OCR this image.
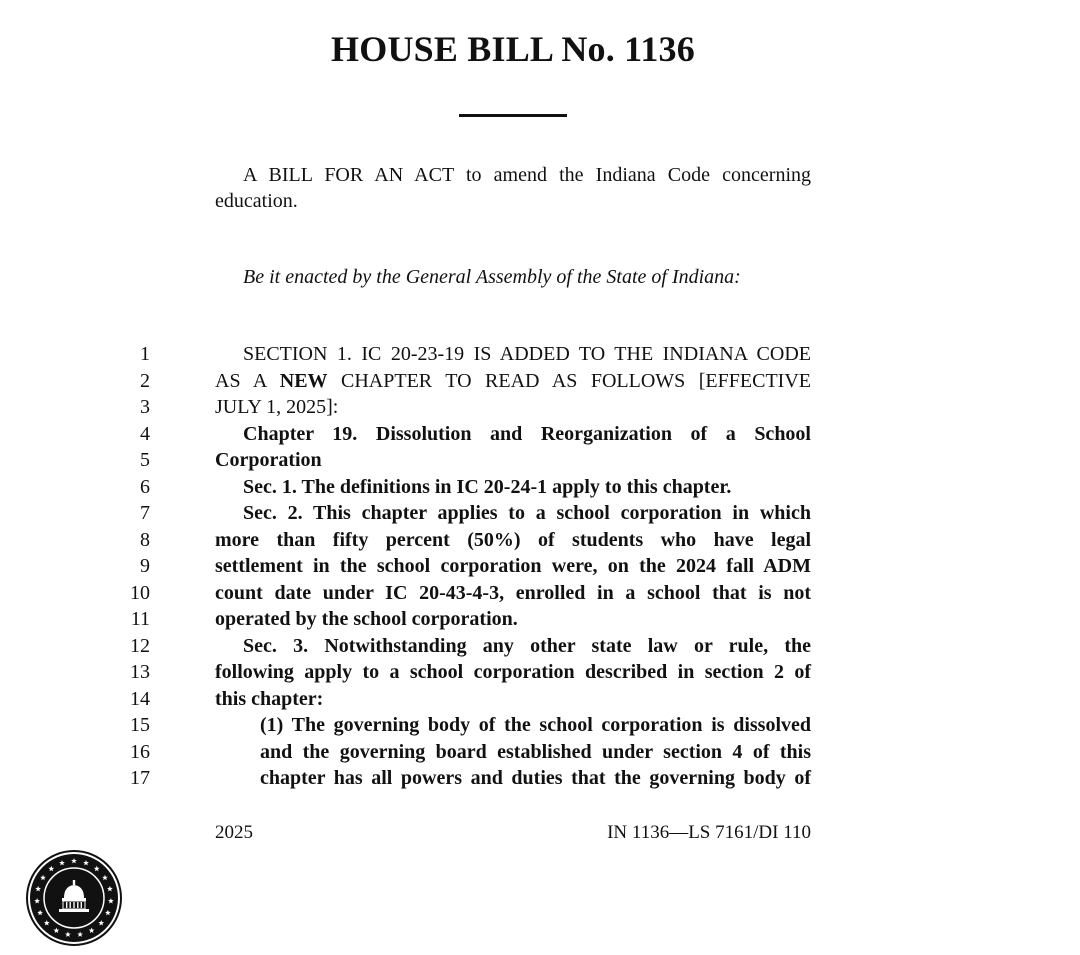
HOUSE BILL No. 1136

A BILL FOR AN ACT to amend the Indiana Code concerning education.

Be it enacted by the General Assembly of the State of Indiana:

1	SECTION 1. IC 20-23-19 IS ADDED TO THE INDIANA CODE
2	AS A NEW CHAPTER TO READ AS FOLLOWS [EFFECTIVE
3	JULY 1, 2025]:
4	Chapter 19. Dissolution and Reorganization of a School
5	Corporation
6	Sec. 1. The definitions in IC 20-24-1 apply to this chapter.
7	Sec. 2. This chapter applies to a school corporation in which
8	more than fifty percent (50%) of students who have legal
9	settlement in the school corporation were, on the 2024 fall ADM
10	count date under IC 20-43-4-3, enrolled in a school that is not
11	operated by the school corporation.
12	Sec. 3. Notwithstanding any other state law or rule, the
13	following apply to a school corporation described in section 2 of
14	this chapter:
15	(1) The governing body of the school corporation is dissolved
16	and the governing board established under section 4 of this
17	chapter has all powers and duties that the governing body of

2025	IN 1136—LS 7161/DI 110
